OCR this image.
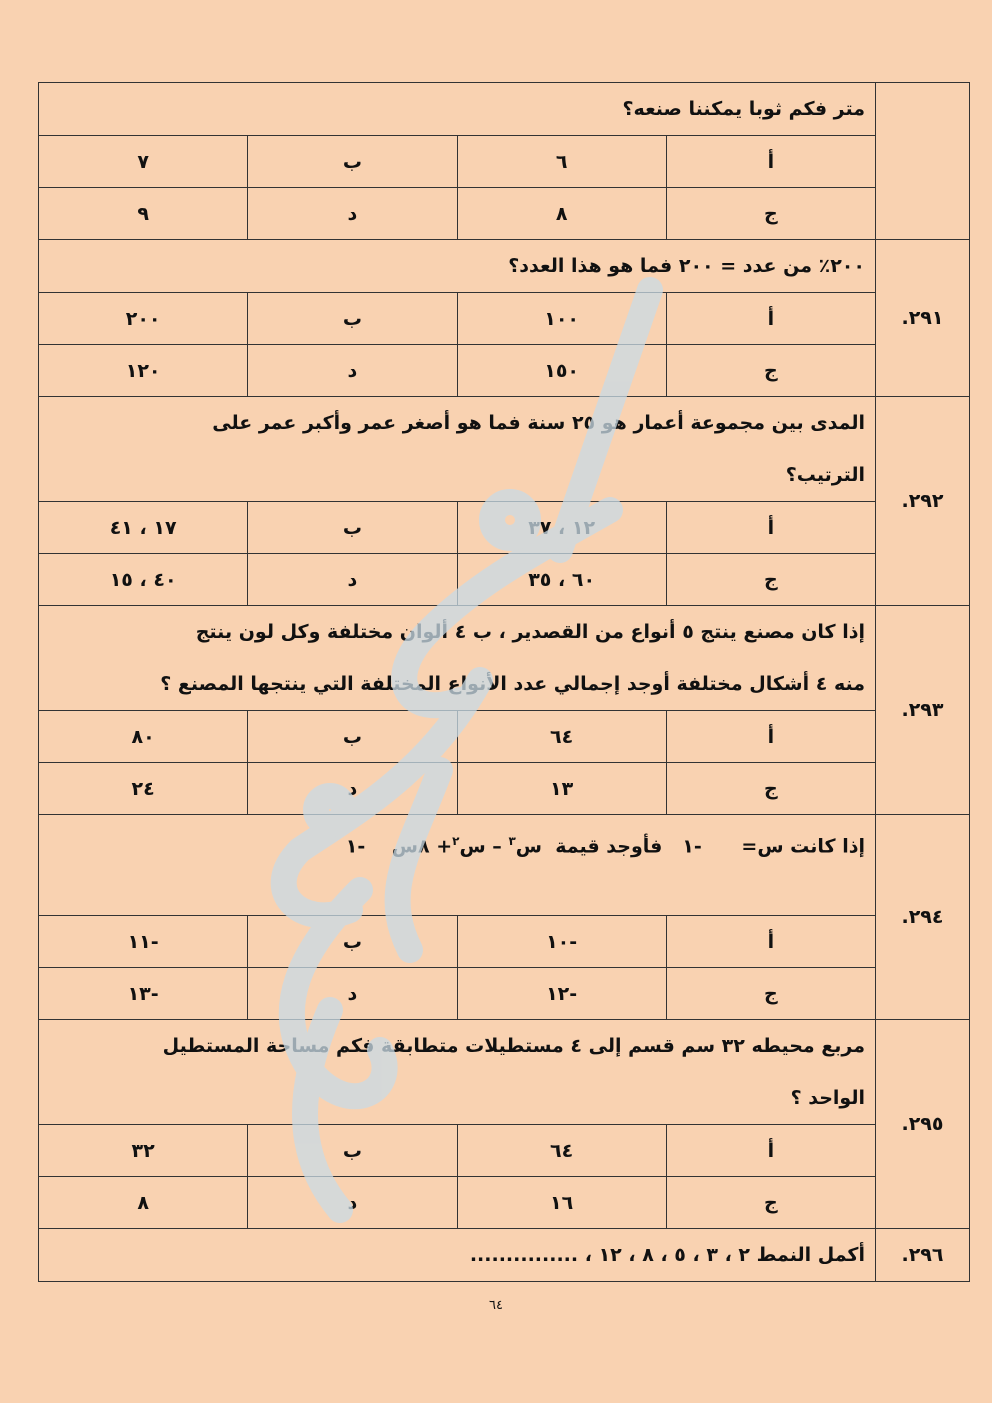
	متر فكم ثوبا يمكننا صنعه؟			
	أ	٦	ب	٧
	ج	٨	د	٩
٢٩١.	٢٠٠٪ من عدد = ٢٠٠ فما هو هذا العدد؟			
	أ	١٠٠	ب	٢٠٠
	ج	١٥٠	د	١٢٠
٢٩٢.	المدى بين مجموعة أعمار هو ٢٥ سنة فما هو أصغر عمر وأكبر عمر على
الترتيب؟			

	أ	١٢ ، ٣٧	ب	١٧ ، ٤١
	ج	٦٠ ، ٣٥	د	٤٠ ، ١٥
٢٩٣.	إذا كان مصنع ينتج ٥ أنواع من القصدير ، ب ٤ ألوان مختلفة وكل لون ينتج
منه ٤ أشكال مختلفة أوجد إجمالي عدد الأنواع المختلفة التي ينتجها المصنع ؟			

	أ	٦٤	ب	٨٠
	ج	١٣	د	٢٤
٢٩٤.	إذا كانت س=      -١   فأوجد قيمة  س$^٣$ – س$^٢$+ ٨س    -١			
	أ	-١٠	ب	-١١
	ج	-١٢	د	-١٣
٢٩٥.	مربع محيطه ٣٢ سم قسم إلى ٤ مستطيلات متطابقة فكم مساحة المستطيل
الواحد ؟			

	أ	٦٤	ب	٣٢
	ج	١٦	د	٨
٢٩٦.	أكمل النمط ٢ ، ٣ ، ٥ ، ٨ ، ١٢ ، ...............			
٦٤
